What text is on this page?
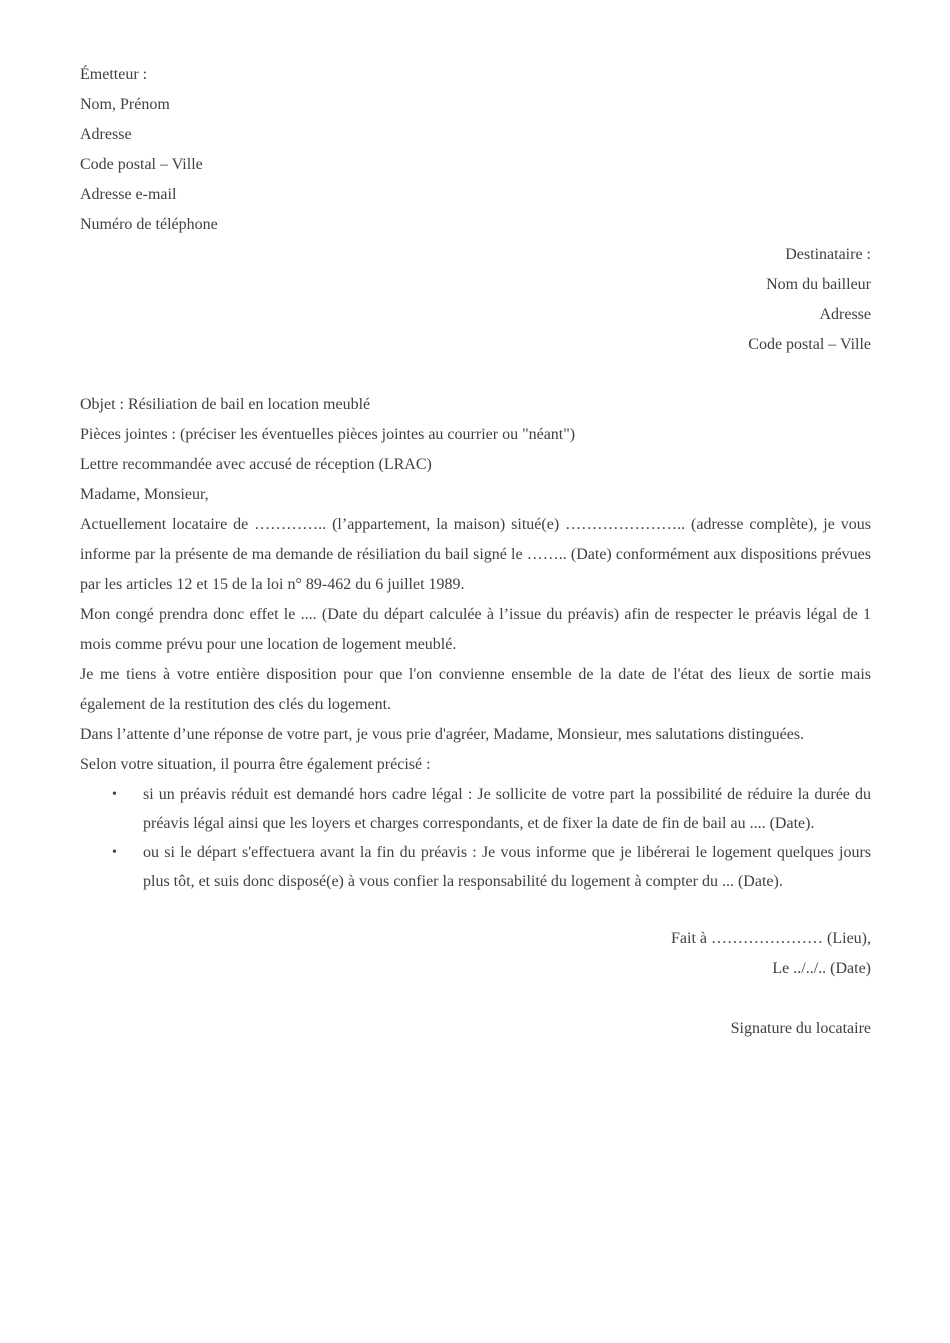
Émetteur :

Nom, Prénom

Adresse

Code postal – Ville

Adresse e-mail

Numéro de téléphone

Destinataire :

Nom du bailleur

Adresse

Code postal – Ville

Objet : Résiliation de bail en location meublé

Pièces jointes : (préciser les éventuelles pièces jointes au courrier ou "néant")

Lettre recommandée avec accusé de réception (LRAC)

Madame, Monsieur,

Actuellement locataire de ………….. (l’appartement, la maison) situé(e) ………………….. (adresse complète), je vous informe par la présente de ma demande de résiliation du bail signé le …….. (Date) conformément aux dispositions prévues par les articles 12 et 15 de la loi n° 89-462 du 6 juillet 1989.

Mon congé prendra donc effet le .... (Date du départ calculée à l’issue du préavis) afin de respecter le préavis légal de 1 mois comme prévu pour une location de logement meublé.

Je me tiens à votre entière disposition pour que l'on convienne ensemble de la date de l'état des lieux de sortie mais également de la restitution des clés du logement.

Dans l’attente d’une réponse de votre part, je vous prie d'agréer, Madame, Monsieur, mes salutations distinguées.

Selon votre situation, il pourra être également précisé :

• si un préavis réduit est demandé hors cadre légal : Je sollicite de votre part la possibilité de réduire la durée du préavis légal ainsi que les loyers et charges correspondants, et de fixer la date de fin de bail au .... (Date).
• ou si le départ s'effectuera avant la fin du préavis : Je vous informe que je libérerai le logement quelques jours plus tôt, et suis donc disposé(e) à vous confier la responsabilité du logement à compter du ... (Date).

Fait à ………………… (Lieu),

Le ../../.. (Date)

Signature du locataire
